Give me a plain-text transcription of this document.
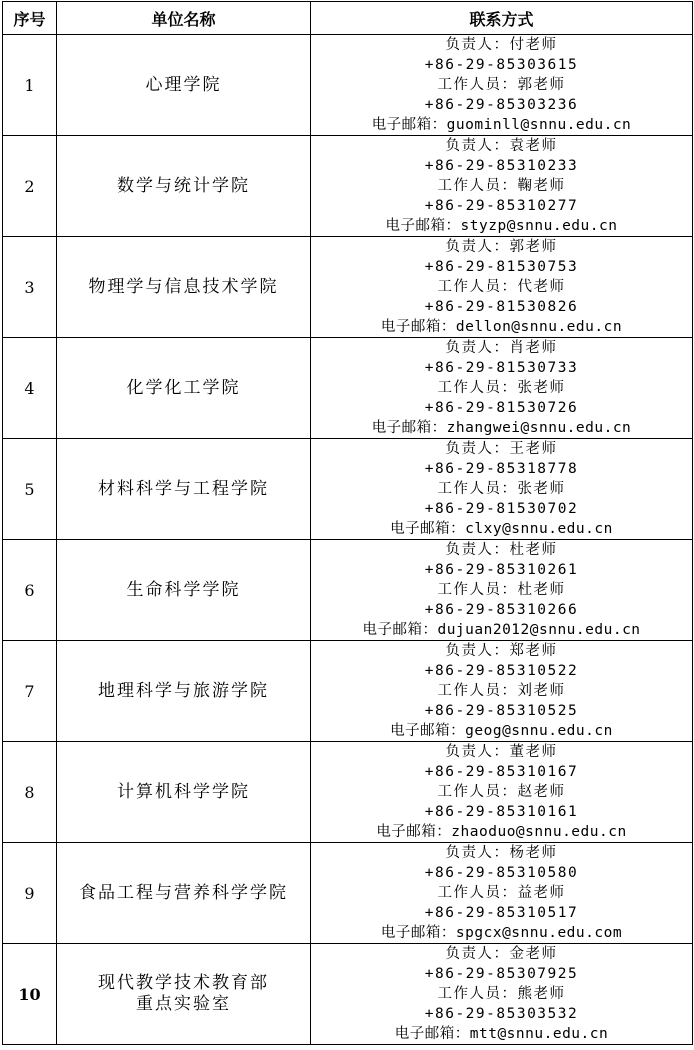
序号	单位名称	联系方式
1	心理学院	负责人：付老师
+86-29-85303615
工作人员：郭老师
+86-29-85303236
电子邮箱：guominll@snnu.edu.cn

2	数学与统计学院	负责人：袁老师
+86-29-85310233
工作人员：鞠老师
+86-29-85310277
电子邮箱：styzp@snnu.edu.cn

3	物理学与信息技术学院	负责人：郭老师
+86-29-81530753
工作人员：代老师
+86-29-81530826
电子邮箱：dellon@snnu.edu.cn

4	化学化工学院	负责人：肖老师
+86-29-81530733
工作人员：张老师
+86-29-81530726
电子邮箱：zhangwei@snnu.edu.cn

5	材料科学与工程学院	负责人：王老师
+86-29-85318778
工作人员：张老师
+86-29-81530702
电子邮箱：clxy@snnu.edu.cn

6	生命科学学院	负责人：杜老师
+86-29-85310261
工作人员：杜老师
+86-29-85310266
电子邮箱：dujuan2012@snnu.edu.cn

7	地理科学与旅游学院	负责人：郑老师
+86-29-85310522
工作人员：刘老师
+86-29-85310525
电子邮箱：geog@snnu.edu.cn

8	计算机科学学院	负责人：董老师
+86-29-85310167
工作人员：赵老师
+86-29-85310161
电子邮箱：zhaoduo@snnu.edu.cn

9	食品工程与营养科学学院	负责人：杨老师
+86-29-85310580
工作人员：益老师
+86-29-85310517
电子邮箱：spgcx@snnu.edu.com

10	现代教学技术教育部
重点实验室	负责人：金老师
+86-29-85307925
工作人员：熊老师
+86-29-85303532
电子邮箱：mtt@snnu.edu.cn
